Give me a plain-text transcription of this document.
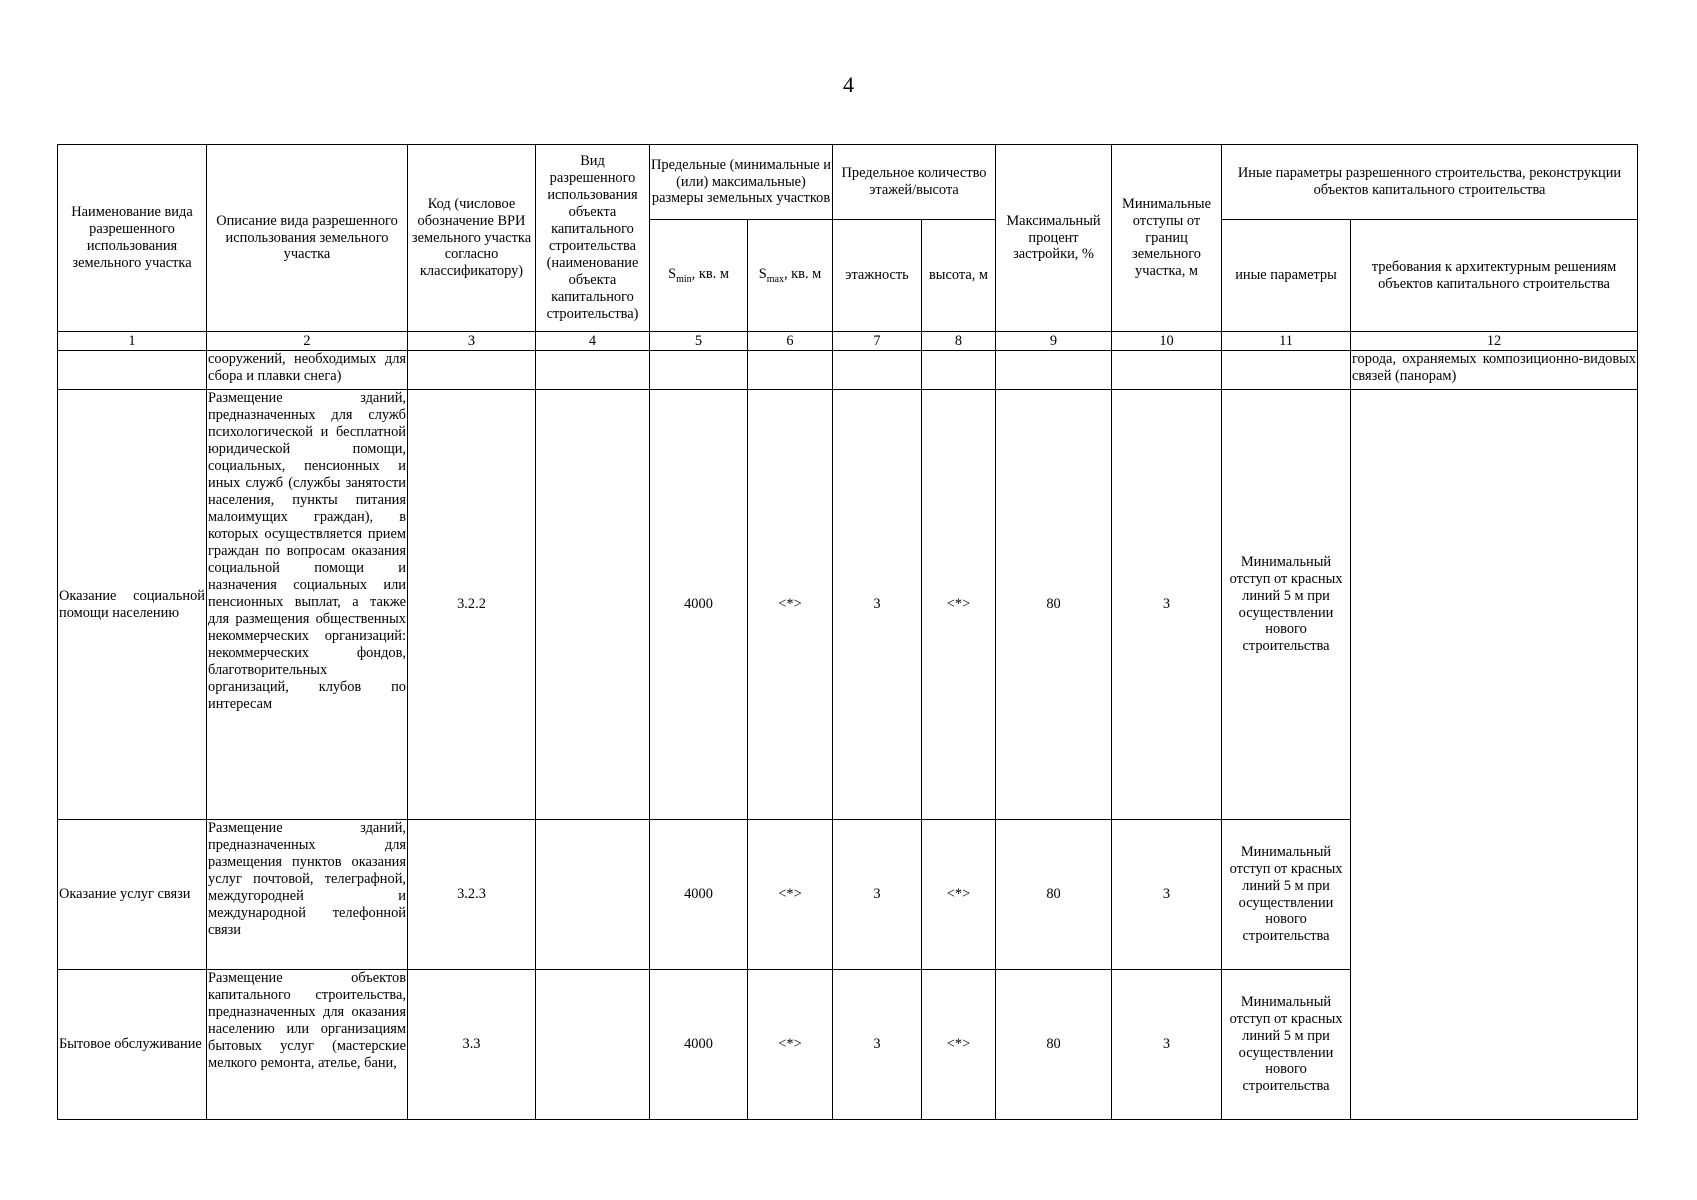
4
Наименование вида разрешенного использования земельного участка	Описание вида разрешенного использования земельного участка	Код (числовое обозначение ВРИ земельного участка согласно классификатору)	Вид разрешенного использования объекта капитального строительства (наименование объекта капитального строительства)	Предельные (минимальные и (или) максимальные) размеры земельных участков		Предельное количество этажей/высота		Максимальный процент застройки, %	Минимальные отступы от границ земельного участка, м	Иные параметры разрешенного строительства, реконструкции объектов капитального строительства	
				$S_{min}$, кв. м	$S_{max}$, кв. м	этажность	высота, м			иные параметры	требования к архитектурным решениям объектов капитального строительства
1	2	3	4	5	6	7	8	9	10	11	12
	сооружений, необходимых для сбора и плавки снега)										города, охраняемых композиционно-видовых связей (панорам)
Оказание социальной помощи населению	Размещение зданий, предназначенных для служб психологической и бесплатной юридической помощи, социальных, пенсионных и иных служб (службы занятости населения, пункты питания малоимущих граждан), в которых осуществляется прием граждан по вопросам оказания социальной помощи и назначения социальных или пенсионных выплат, а также для размещения общественных некоммерческих организаций: некоммерческих фондов, благотворительных организаций, клубов по интересам	3.2.2		4000	<*>	3	<*>	80	3	Минимальный отступ от красных линий 5 м при осуществлении нового строительства	
Оказание услуг связи	Размещение зданий, предназначенных для размещения пунктов оказания услуг почтовой, телеграфной, междугородней и международной телефонной связи	3.2.3		4000	<*>	3	<*>	80	3	Минимальный отступ от красных линий 5 м при осуществлении нового строительства	
Бытовое обслуживание	Размещение объектов капитального строительства, предназначенных для оказания населению или организациям бытовых услуг (мастерские мелкого ремонта, ателье, бани,	3.3		4000	<*>	3	<*>	80	3	Минимальный отступ от красных линий 5 м при осуществлении нового строительства	
